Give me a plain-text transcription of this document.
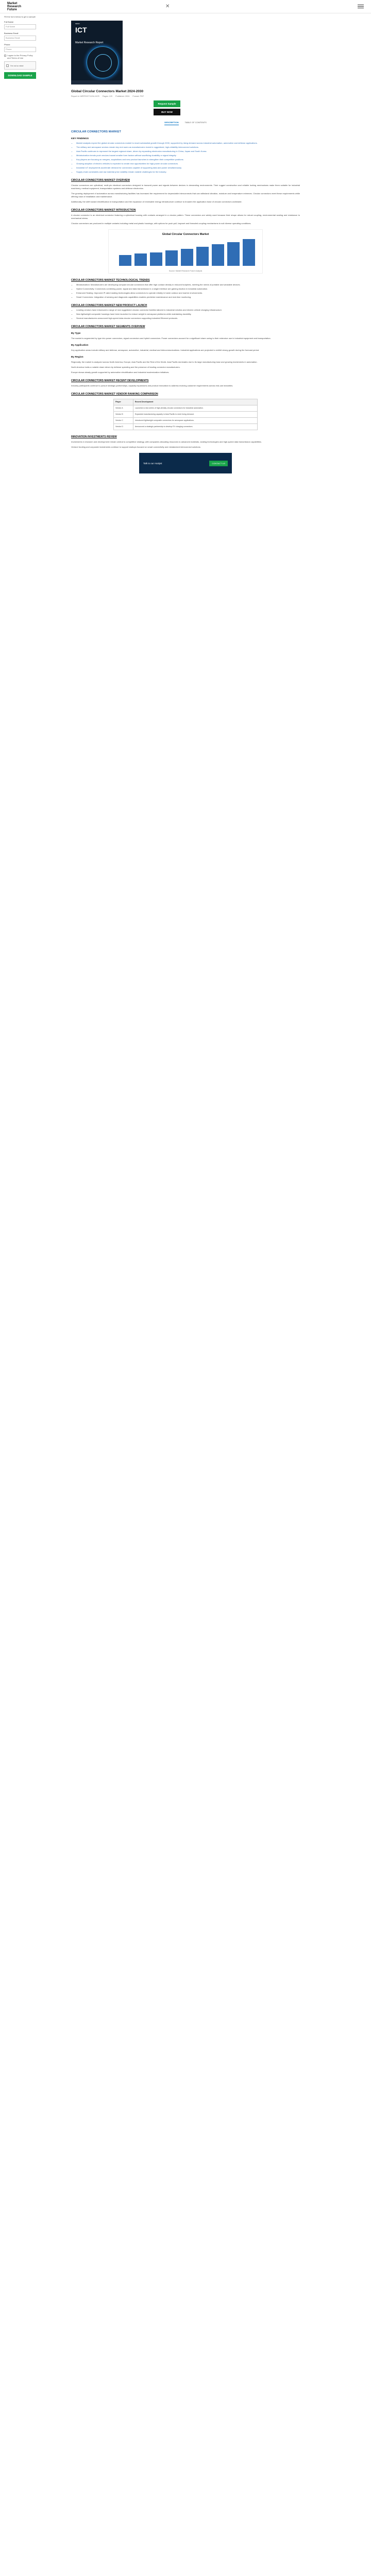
Market
Research
Future
✕
Fill the form below to get a sample
Full Name
Full Name
Business Email
Business Email
Phone
Phone
I agree to the Privacy Policy and Terms of Use
I'm not a robot
DOWNLOAD SAMPLE
MRFR
ICT
Market Research Report
Global Circular Connectors Market 2024-2030
Report Id: MRFR/ICT/1234-HCR Pages: 120 Published: 2024 Format: PDF
Request Sample
BUY NOW
DESCRIPTION	TABLE OF CONTENTS
CIRCULAR CONNECTORS MARKET
KEY FINDINGS
• Market analysts expect the global circular connectors market to reach substantial growth through 2030, supported by rising demand across industrial automation, automotive and defense applications.
• The military and aerospace sectors remain key end users as manufacturers invest in ruggedized, high-reliability interconnect solutions.
• Asia Pacific continues to represent the largest regional share, driven by expanding electronics manufacturing in China, Japan and South Korea.
• Miniaturization trends push vendors toward smaller form factors without sacrificing durability or signal integrity.
• Key players are focusing on mergers, acquisitions and new product launches to strengthen their competitive positions.
• Growing adoption of electric vehicles is expected to create new opportunities for high-power circular connectors.
• Industrial IoT deployments accelerate demand for connectors capable of supporting data and power simultaneously.
• Supply chain constraints and raw material price volatility remain notable challenges for the industry.
CIRCULAR CONNECTORS MARKET OVERVIEW

Circular connectors are cylindrical, multi-pin electrical connectors designed to transmit power and signals between devices in demanding environments. Their rugged construction and reliable locking mechanisms make them suitable for industrial machinery, medical equipment, transportation systems and defense electronics.

The growing deployment of automation across manufacturing facilities has increased the requirement for dependable interconnects that can withstand vibration, moisture and temperature extremes. Circular connectors meet these requirements while offering ease of installation and maintenance.

Additionally, the shift toward electrification in transportation and the expansion of renewable energy infrastructure continue to broaden the application base of circular connectors worldwide.

CIRCULAR CONNECTORS MARKET INTRODUCTION

A circular connector is an electrical connector featuring a cylindrical housing with contacts arranged in a circular pattern. These connectors are widely used because their shape allows for robust coupling, environmental sealing and resistance to mechanical stress.

Circular connectors are produced in multiple variants including metal and plastic housings, with options for push-pull, bayonet and threaded coupling mechanisms to suit diverse operating conditions.

Global Circular Connectors Market
Source: Market Research Future Analysis
CIRCULAR CONNECTORS MARKET TECHNOLOGICAL TRENDS
• Miniaturization: Manufacturers are developing compact circular connectors that offer high contact density in reduced footprints, meeting the needs of portable and wearable devices.
• Hybrid Connectivity: Connectors combining power, signal and data transmission in a single interface are gaining traction in industrial automation.
• Enhanced Sealing: Improved IP-rated sealing technologies allow connectors to operate reliably in harsh outdoor and marine environments.
• Smart Connectors: Integration of sensing and diagnostic capabilities enables predictive maintenance and real-time monitoring.
CIRCULAR CONNECTORS MARKET NEW PRODUCT LAUNCH
• Leading vendors have introduced a range of new ruggedized circular connector families tailored to industrial robotics and electric vehicle charging infrastructure.
• New lightweight composite housings have been launched to reduce weight in aerospace platforms while maintaining durability.
• Several manufacturers announced high-speed data circular connectors supporting industrial Ethernet protocols.
CIRCULAR CONNECTORS MARKET SEGMENTS OVERVIEW
By Type

The market is segmented by type into power connectors, signal connectors and hybrid connectors. Power connectors account for a significant share owing to their extensive use in industrial equipment and transportation.

By Application

Key application areas include military and defense, aerospace, automotive, industrial, medical and telecommunications. Industrial applications are projected to exhibit strong growth during the forecast period.

By Region

Regionally, the market is analyzed across North America, Europe, Asia Pacific and the Rest of the World. Asia Pacific dominates due to its large manufacturing base and growing investments in automation.

North America holds a notable share driven by defense spending and the presence of leading connector manufacturers.

Europe shows steady growth supported by automotive electrification and industrial modernization initiatives.

CIRCULAR CONNECTORS MARKET RECENT DEVELOPMENTS

Industry participants continue to pursue strategic partnerships, capacity expansions and product innovation to address evolving customer requirements across end-use industries.

CIRCULAR CONNECTORS MARKET VENDOR RANKING COMPARISON
Player	Recent Development
Vendor A	Launched a new series of high-density circular connectors for industrial automation.
Vendor B	Expanded manufacturing capacity in Asia Pacific to meet rising demand.
Vendor C	Introduced lightweight composite connectors for aerospace applications.
Vendor D	Announced a strategic partnership to develop EV charging connectors.
INNOVATION INVESTMENTS REVIEW

Investments in research and development remain central to competitive strategy, with companies allocating resources to advanced materials, sealing technologies and high-speed data transmission capabilities.

Venture funding and corporate investments continue to support startups focused on smart connectivity and miniaturized interconnect solutions.

Talk to our Analyst	CONTACT US
